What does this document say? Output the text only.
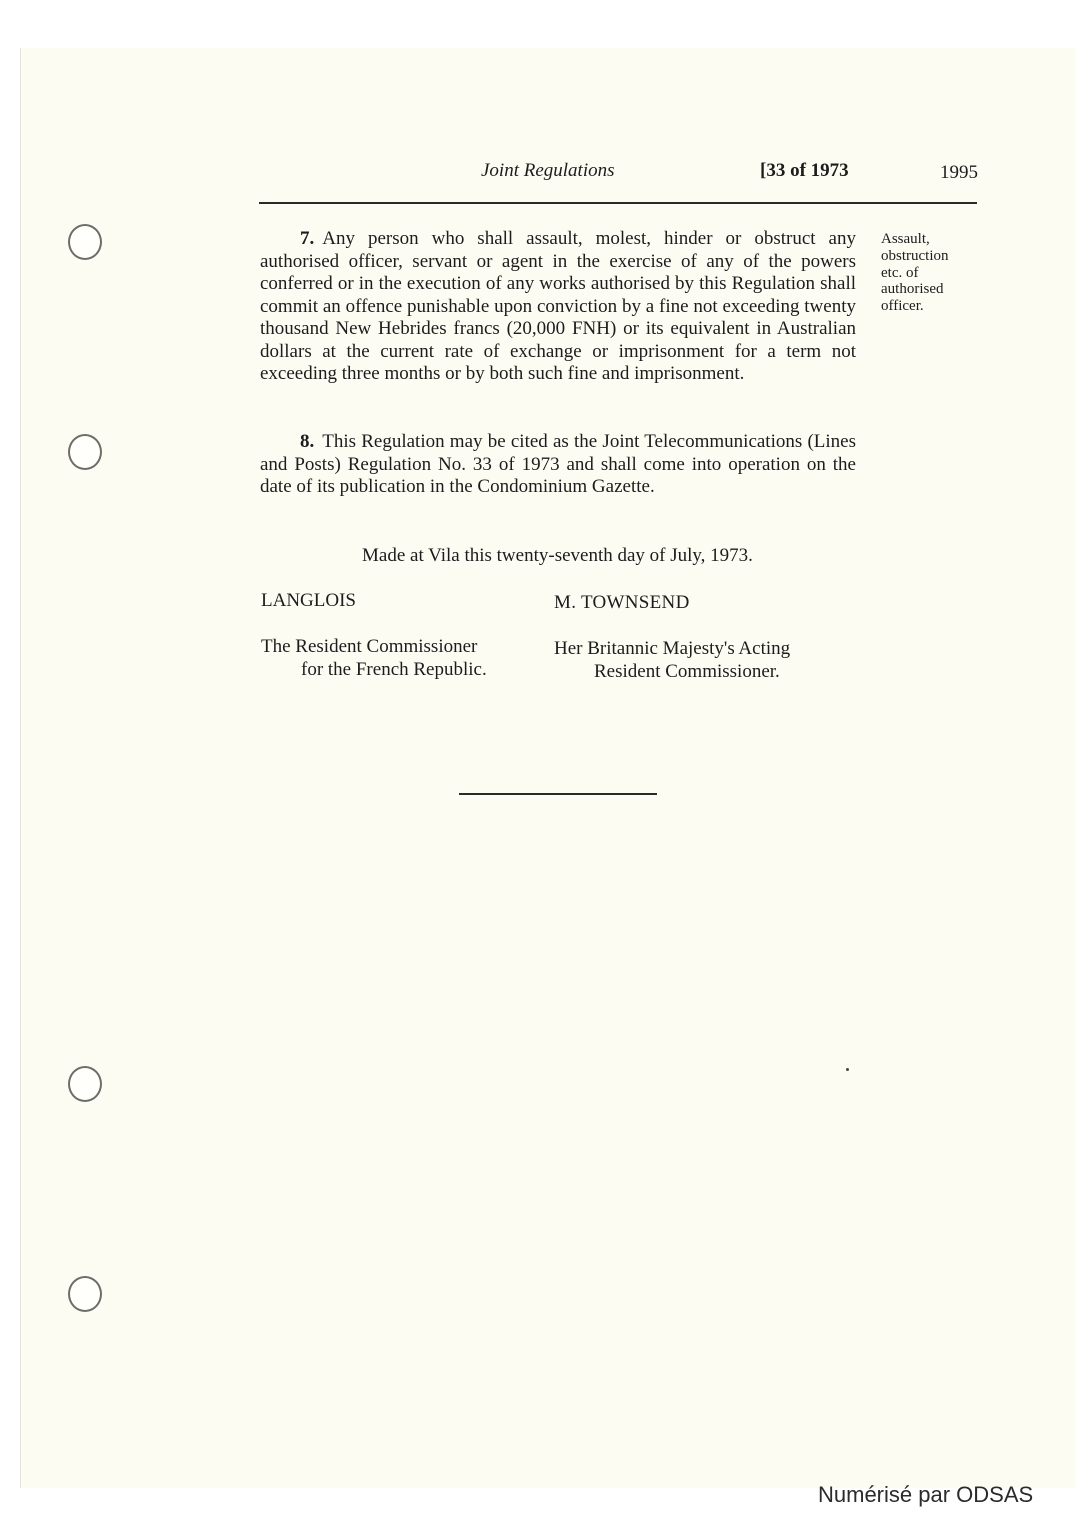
Joint Regulations	[33 of 1973	1995

7. Any person who shall assault, molest, hinder or obstruct any authorised officer, servant or agent in the exercise of any of the powers conferred or in the execution of any works authorised by this Regulation shall commit an offence punishable upon conviction by a fine not exceeding twenty thousand New Hebrides francs (20,000 FNH) or its equivalent in Australian dollars at the current rate of exchange or imprisonment for a term not exceeding three months or by both such fine and imprisonment.

Assault,
obstruction
etc. of
authorised
officer.

8. This Regulation may be cited as the Joint Telecommunications (Lines and Posts) Regulation No. 33 of 1973 and shall come into operation on the date of its publication in the Condominium Gazette.

Made at Vila this twenty-seventh day of July, 1973.
LANGLOIS	M. TOWNSEND
The Resident Commissioner
for the French Republic.
Her Britannic Majesty's Acting
Resident Commissioner.
Numérisé par ODSAS
